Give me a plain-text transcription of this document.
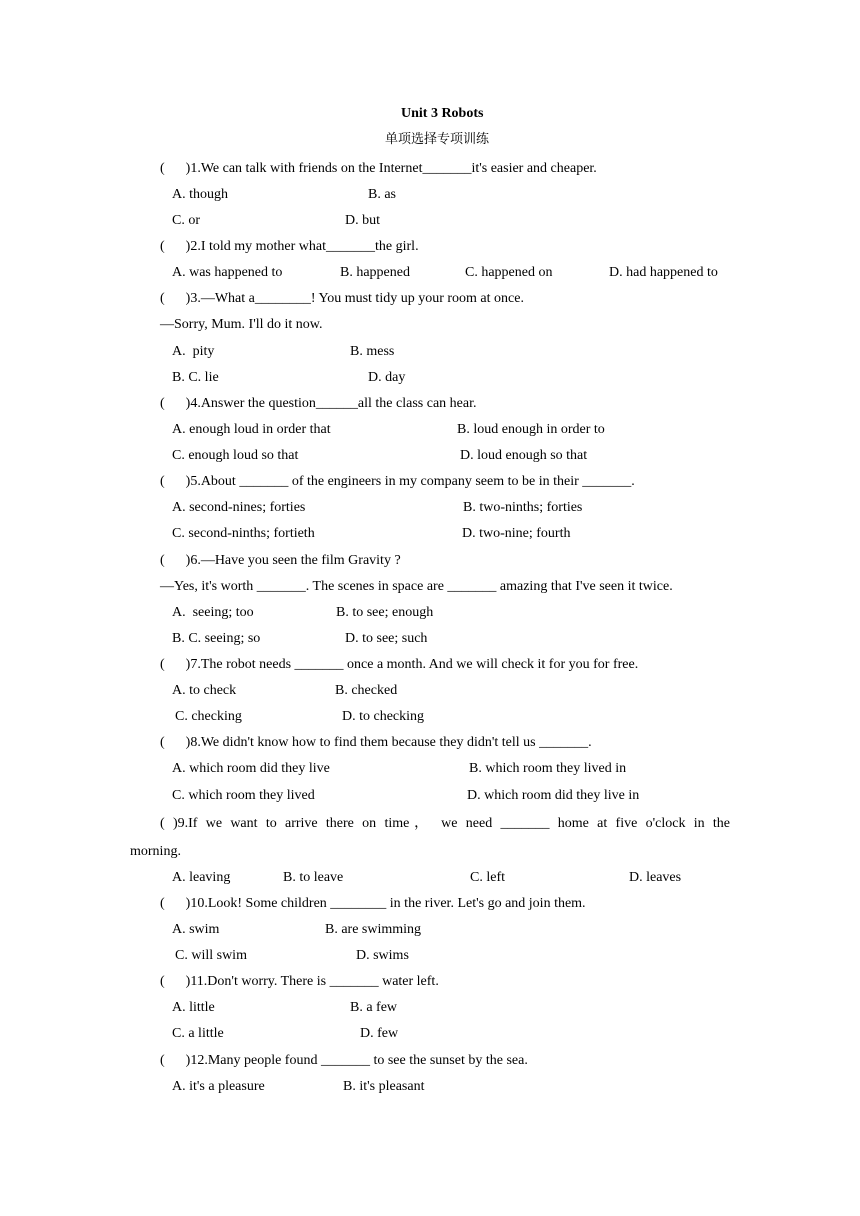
Unit 3 Robots
单项选择专项训练
(      )1.We can talk with friends on the Internet_______it's easier and cheaper.
A. though	B. as
C. or	D. but
(      )2.I told my mother what_______the girl.
A. was happened to	B. happened	C. happened on	D. had happened to
(      )3.—What a________! You must tidy up your room at once.
—Sorry, Mum. I'll do it now.
A.  pity	B. mess
B. C. lie	D. day
(      )4.Answer the question______all the class can hear.
A. enough loud in order that	B. loud enough in order to
C. enough loud so that	D. loud enough so that
(      )5.About _______ of the engineers in my company seem to be in their _______.
A. second-nines; forties	B. two-ninths; forties
C. second-ninths; fortieth	D. two-nine; fourth
(      )6.—Have you seen the film Gravity ?
—Yes, it's worth _______. The scenes in space are _______ amazing that I've seen it twice.
A.  seeing; too	B. to see; enough
B. C. seeing; so	D. to see; such
(      )7.The robot needs _______ once a month. And we will check it for you for free.
A. to check	B. checked
C. checking	D. to checking
(      )8.We didn't know how to find them because they didn't tell us _______.
A. which room did they live	B. which room they lived in
C. which room they lived	D. which room did they live in
( )9.If we want to arrive there on time， we need _______ home at five o'clock in the
morning.
A. leaving	B. to leave	C. left	D. leaves
(      )10.Look! Some children ________ in the river. Let's go and join them.
A. swim	B. are swimming
C. will swim	D. swims
(      )11.Don't worry. There is _______ water left.
A. little	B. a few
C. a little	D. few
(      )12.Many people found _______ to see the sunset by the sea.
A. it's a pleasure	B. it's pleasant
